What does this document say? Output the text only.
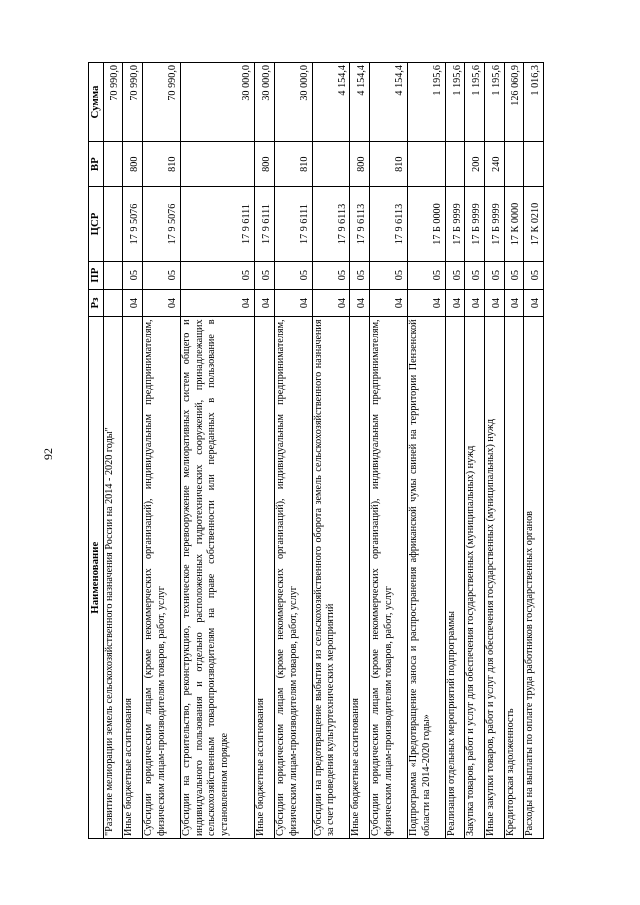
92
Наименование	Рз	ПР	ЦСР	ВР	Сумма
"Развитие мелиорации земель сельскохозяйственного назначения России на 2014 - 2020 годы"					70 990,0
Иные бюджетные ассигнования	04	05	17 9 5076	800	70 990,0
Субсидии юридическим лицам (кроме некоммерческих организаций), индивидуальным предпринимателям, физическим лицам-производителям товаров, работ, услуг	04	05	17 9 5076	810	70 990,0
Субсидии на строительство, реконструкцию, техническое перевооружение мелиоративных систем общего и индивидуального пользования и отдельно расположенных гидротехнических сооружений, принадлежащих сельскохозяйственным товаропроизводителям на праве собственности или переданных в пользование в установленном порядке	04	05	17 9 6111		30 000,0
Иные бюджетные ассигнования	04	05	17 9 6111	800	30 000,0
Субсидии юридическим лицам (кроме некоммерческих организаций), индивидуальным предпринимателям, физическим лицам-производителям товаров, работ, услуг	04	05	17 9 6111	810	30 000,0
Субсидии на предотвращение выбытия из сельскохозяйственного оборота земель сельскохозяйственного назначения за счет проведения культуртехнических мероприятий	04	05	17 9 6113		4 154,4
Иные бюджетные ассигнования	04	05	17 9 6113	800	4 154,4
Субсидии юридическим лицам (кроме некоммерческих организаций), индивидуальным предпринимателям, физическим лицам-производителям товаров, работ, услуг	04	05	17 9 6113	810	4 154,4
Подпрограмма «Предотвращение заноса и распространения африканской чумы свиней на территории Пензенской области на 2014-2020 годы»	04	05	17 Б 0000		1 195,6
Реализация отдельных мероприятий подпрограммы	04	05	17 Б 9999		1 195,6
Закупка товаров, работ и услуг для обеспечения государственных (муниципальных) нужд	04	05	17 Б 9999	200	1 195,6
Иные закупки товаров, работ и услуг для обеспечения государственных (муниципальных) нужд	04	05	17 Б 9999	240	1 195,6
Кредиторская задолженность	04	05	17 К 0000		126 060,9
Расходы на выплаты по оплате труда работников государственных органов	04	05	17 К 0210		1 016,3
